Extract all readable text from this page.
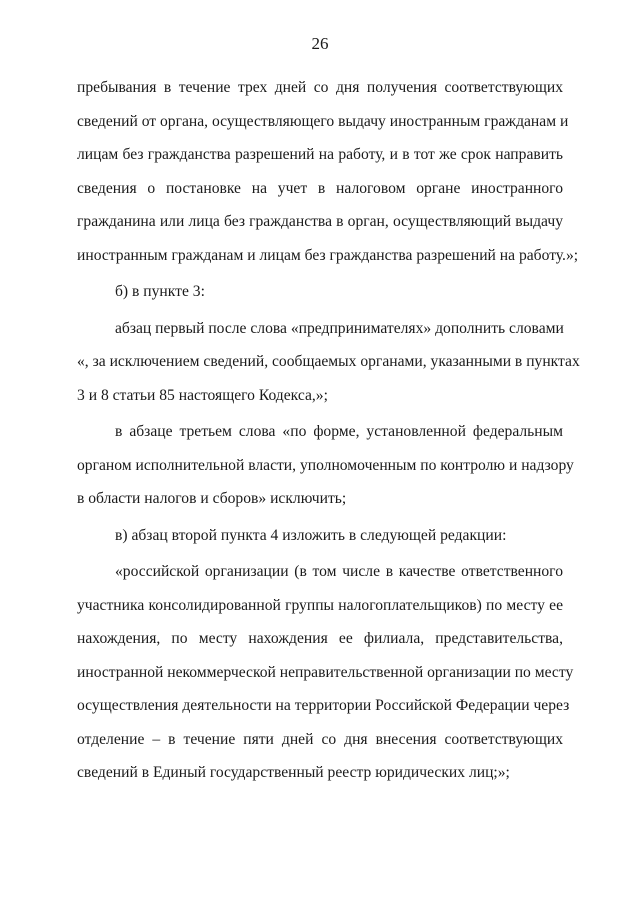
26
пребывания в течение трех дней со дня получения соответствующих
сведений от органа, осуществляющего выдачу иностранным гражданам и
лицам без гражданства разрешений на работу, и в тот же срок направить
сведения о постановке на учет в налоговом органе иностранного
гражданина или лица без гражданства в орган, осуществляющий выдачу
иностранным гражданам и лицам без гражданства разрешений на работу.»;
б) в пункте 3:
абзац первый после слова «предпринимателях» дополнить словами
«, за исключением сведений, сообщаемых органами, указанными в пунктах
3 и 8 статьи 85 настоящего Кодекса,»;
в абзаце третьем слова «по форме, установленной федеральным
органом исполнительной власти, уполномоченным по контролю и надзору
в области налогов и сборов» исключить;
в) абзац второй пункта 4 изложить в следующей редакции:
«российской организации (в том числе в качестве ответственного
участника консолидированной группы налогоплательщиков) по месту ее
нахождения, по месту нахождения ее филиала, представительства,
иностранной некоммерческой неправительственной организации по месту
осуществления деятельности на территории Российской Федерации через
отделение – в течение пяти дней со дня внесения соответствующих
сведений в Единый государственный реестр юридических лиц;»;
